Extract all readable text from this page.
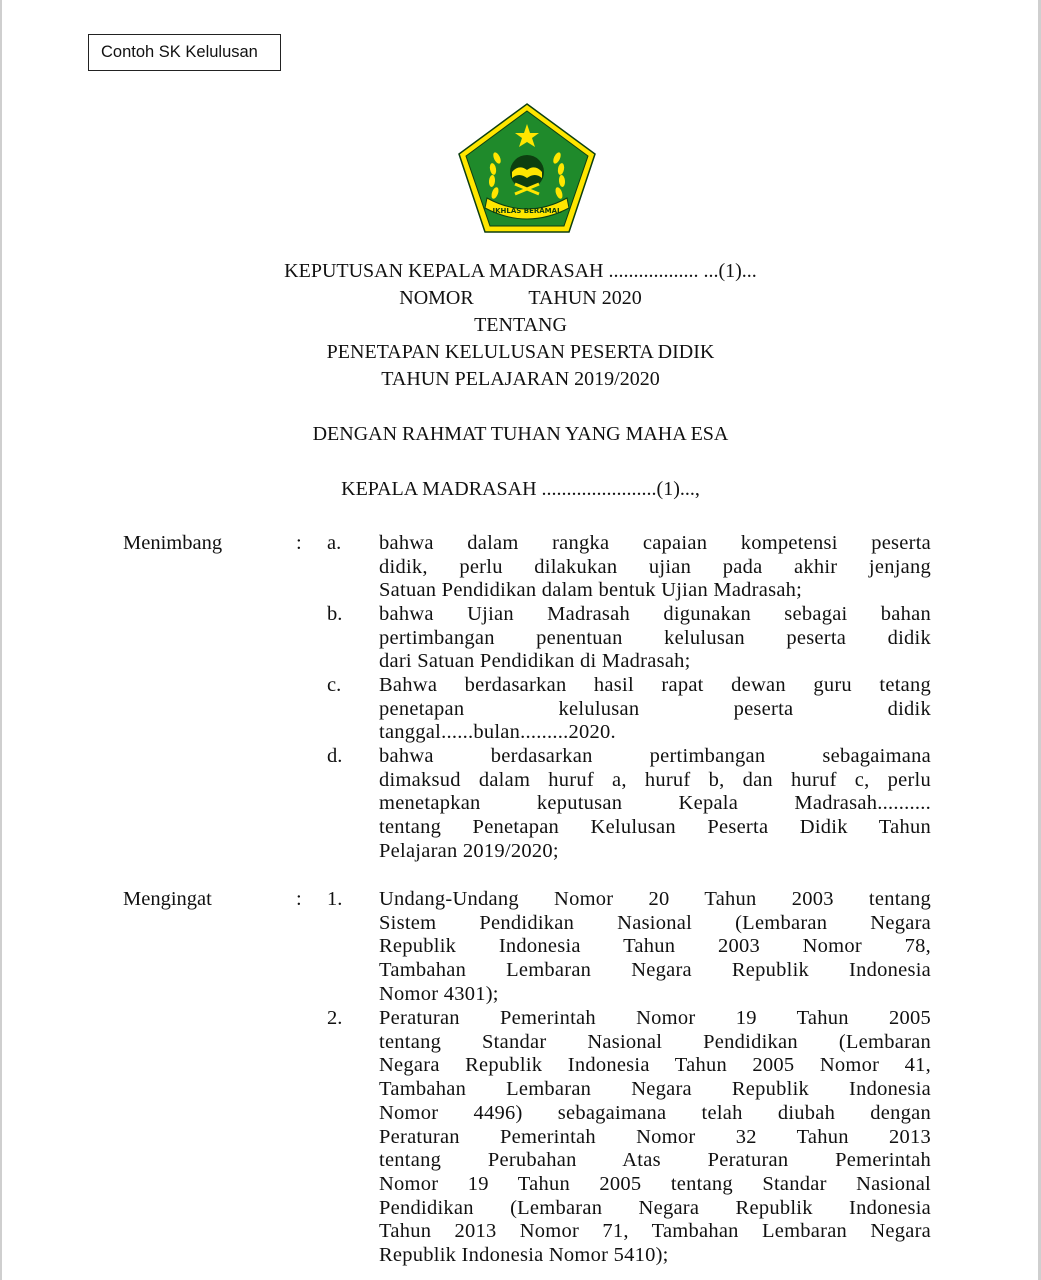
Contoh SK Kelulusan
IKHLAS BERAMAL
KEPUTUSAN KEPALA MADRASAH .................. ...(1)...
NOMOR           TAHUN 2020
TENTANG
PENETAPAN KELULUSAN PESERTA DIDIK
TAHUN PELAJARAN 2019/2020
DENGAN RAHMAT TUHAN YANG MAHA ESA
KEPALA MADRASAH .......................(1)...,
Menimbang	: a. bahwa dalam rangka capaian kompetensi peserta
didik, perlu dilakukan ujian pada akhir jenjang
Satuan Pendidikan dalam bentuk Ujian Madrasah;
b. bahwa Ujian Madrasah digunakan sebagai bahan
pertimbangan penentuan kelulusan peserta didik
dari Satuan Pendidikan di Madrasah;
c. Bahwa berdasarkan hasil rapat dewan guru tetang
penetapan kelulusan peserta didik
tanggal......bulan.........2020.
d. bahwa berdasarkan pertimbangan sebagaimana
dimaksud dalam huruf a, huruf b, dan huruf c, perlu
menetapkan keputusan Kepala Madrasah..........
tentang Penetapan Kelulusan Peserta Didik Tahun
Pelajaran 2019/2020;
Mengingat	: 1. Undang-Undang Nomor 20 Tahun 2003 tentang
Sistem Pendidikan Nasional (Lembaran Negara
Republik Indonesia Tahun 2003 Nomor 78,
Tambahan Lembaran Negara Republik Indonesia
Nomor 4301);
2. Peraturan Pemerintah Nomor 19 Tahun 2005
tentang Standar Nasional Pendidikan (Lembaran
Negara Republik Indonesia Tahun 2005 Nomor 41,
Tambahan Lembaran Negara Republik Indonesia
Nomor 4496) sebagaimana telah diubah dengan
Peraturan Pemerintah Nomor 32 Tahun 2013
tentang Perubahan Atas Peraturan Pemerintah
Nomor 19 Tahun 2005 tentang Standar Nasional
Pendidikan (Lembaran Negara Republik Indonesia
Tahun 2013 Nomor 71, Tambahan Lembaran Negara
Republik Indonesia Nomor 5410);
